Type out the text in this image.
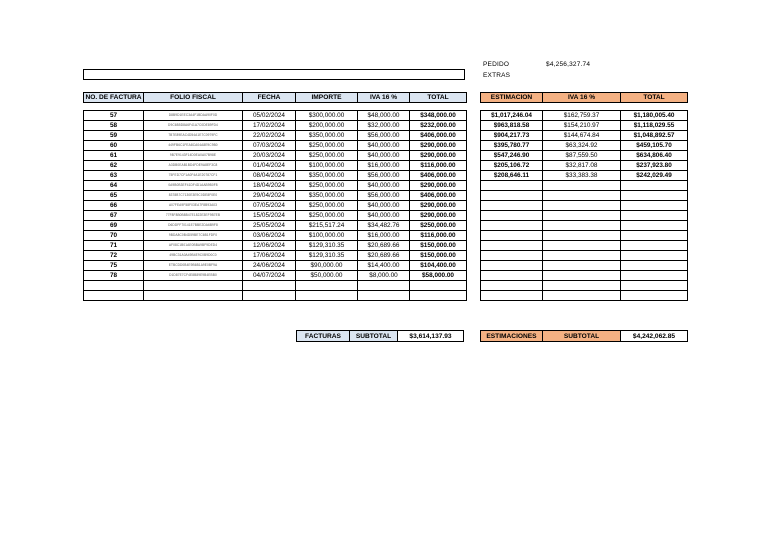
PEDIDO	$4,256,327.74
EXTRAS
NO. DE FACTURA	FOLIO FISCAL	FECHA	IMPORTE	IVA 16 %	TOTAL

57	D8B9D1EEC3A4F1BDAA90F0D	05/02/2024	$300,000.00	$48,000.00	$348,000.00
58	D9C6B5D8A6F41A7C0DE89FD4	17/02/2024	$200,000.00	$32,000.00	$232,000.00
59	7B7E89EAC4D54A1E7C0979FC	22/02/2024	$350,000.00	$56,000.00	$406,000.00
60	449FB6C1FEA8CA04A8E9C9B0	07/03/2024	$250,000.00	$40,000.00	$290,000.00
61	9B7E9143F14D0EA0A07B98E	20/03/2024	$250,000.00	$40,000.00	$290,000.00
62	A3DB0EAB1BD4FDE9A8EF3C8	01/04/2024	$100,000.00	$16,000.00	$116,000.00
63	75FED7CF1A0F4A1E20787CF1	08/04/2024	$350,000.00	$56,000.00	$406,000.00
64	0A9B0B3EF41DF4D1AAB9B0F8	18/04/2024	$250,000.00	$40,000.00	$290,000.00
65	8378B7C7130E3E9C0DE8F0E0	29/04/2024	$350,000.00	$56,000.00	$406,000.00
66	A07FEA9F58F03EA7F8B93A03	07/05/2024	$250,000.00	$40,000.00	$290,000.00
67	77F8F8B0B8B47E1822E3EF9B7EB	15/05/2024	$250,000.00	$40,000.00	$290,000.00
69	D6DDFF70141E7BBE2DA6B9F8	25/05/2024	$215,517.24	$34,482.76	$250,000.00
70	9BDA8C0B4D59BE7C6B1FDF0	03/06/2024	$100,000.00	$16,000.00	$116,000.00
71	AF08C1B01AE0BBA9BF9DED4	12/06/2024	$129,310.35	$20,689.66	$150,000.00
72	49BC31A0A49B4E9C0B9D0C0	17/06/2024	$129,310.35	$20,689.66	$150,000.00
75	ETBCDD0B4E9B6B1A9E0BF9A	24/06/2024	$90,000.00	$14,400.00	$104,400.00
78	D1D87E7CF4E8B89E9B4EBB0	04/07/2024	$50,000.00	$8,000.00	$58,000.00

ESTIMACION	IVA 16 %	TOTAL

$1,017,246.04	$162,759.37	$1,180,005.40
$963,818.58	$154,210.97	$1,118,029.55
$904,217.73	$144,674.84	$1,048,892.57
$395,780.77	$63,324.92	$459,105.70
$547,246.90	$87,559.50	$634,806.40
$205,106.72	$32,817.08	$237,923.80
$208,646.11	$33,383.38	$242,029.49

FACTURAS	SUBTOTAL	$3,614,137.93	ESTIMACIONES	SUBTOTAL	$4,242,062.85
